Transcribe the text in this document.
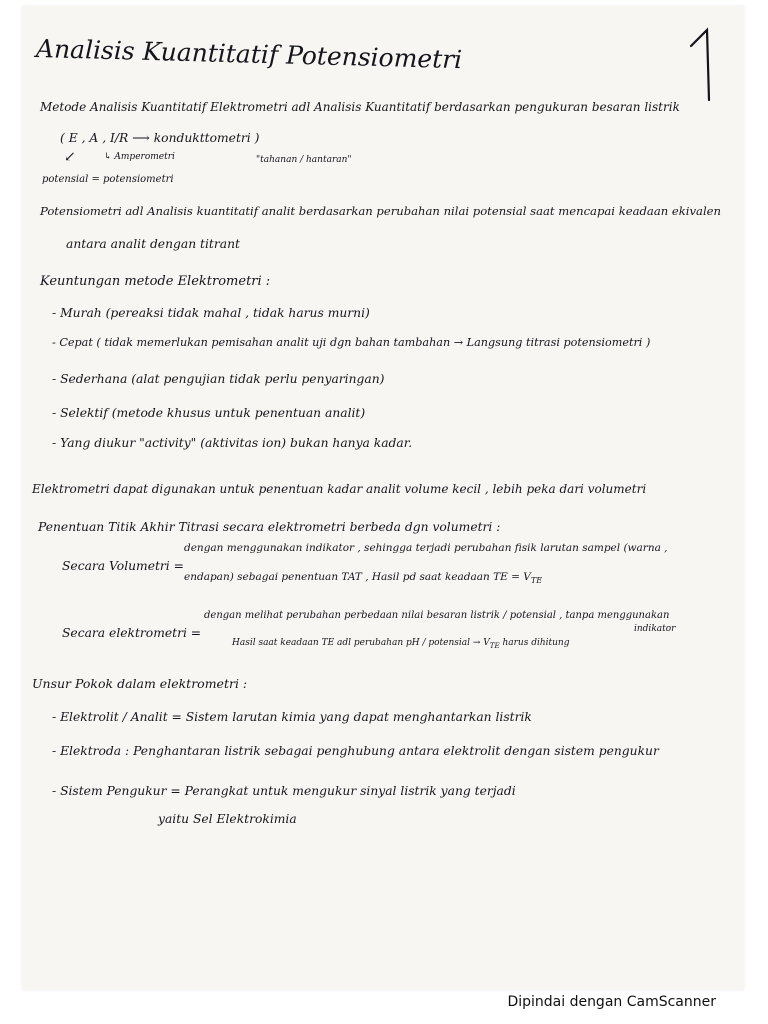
Analisis Kuantitatif Potensiometri
Metode Analisis Kuantitatif Elektrometri adl Analisis Kuantitatif berdasarkan pengukuran besaran listrik
( E , A , I/R ⟶ kondukttometri )
↙	↳ Amperometri	"tahanan / hantaran"
potensial = potensiometri
Potensiometri adl Analisis kuantitatif analit berdasarkan perubahan nilai potensial saat mencapai keadaan ekivalen
antara analit dengan titrant
Keuntungan metode Elektrometri :
- Murah (pereaksi tidak mahal , tidak harus murni)
- Cepat ( tidak memerlukan pemisahan analit uji dgn bahan tambahan → Langsung titrasi potensiometri )
- Sederhana (alat pengujian tidak perlu penyaringan)
- Selektif (metode khusus untuk penentuan analit)
- Yang diukur "activity" (aktivitas ion) bukan hanya kadar.
Elektrometri dapat digunakan untuk penentuan kadar analit volume kecil , lebih peka dari volumetri
Penentuan Titik Akhir Titrasi secara elektrometri berbeda dgn volumetri :
Secara Volumetri =
dengan menggunakan indikator , sehingga terjadi perubahan fisik larutan sampel (warna ,
endapan) sebagai penentuan TAT , Hasil pd saat keadaan TE = $V_{TE}$
Secara elektrometri =
dengan melihat perubahan perbedaan nilai besaran listrik / potensial , tanpa menggunakan
indikator
Hasil saat keadaan TE adl perubahan pH / potensial → $V_{TE}$ harus dihitung
Unsur Pokok dalam elektrometri :
- Elektrolit / Analit = Sistem larutan kimia yang dapat menghantarkan listrik
- Elektroda : Penghantaran listrik sebagai penghubung antara elektrolit dengan sistem pengukur
- Sistem Pengukur = Perangkat untuk mengukur sinyal listrik yang terjadi
yaitu Sel Elektrokimia
Dipindai dengan CamScanner
